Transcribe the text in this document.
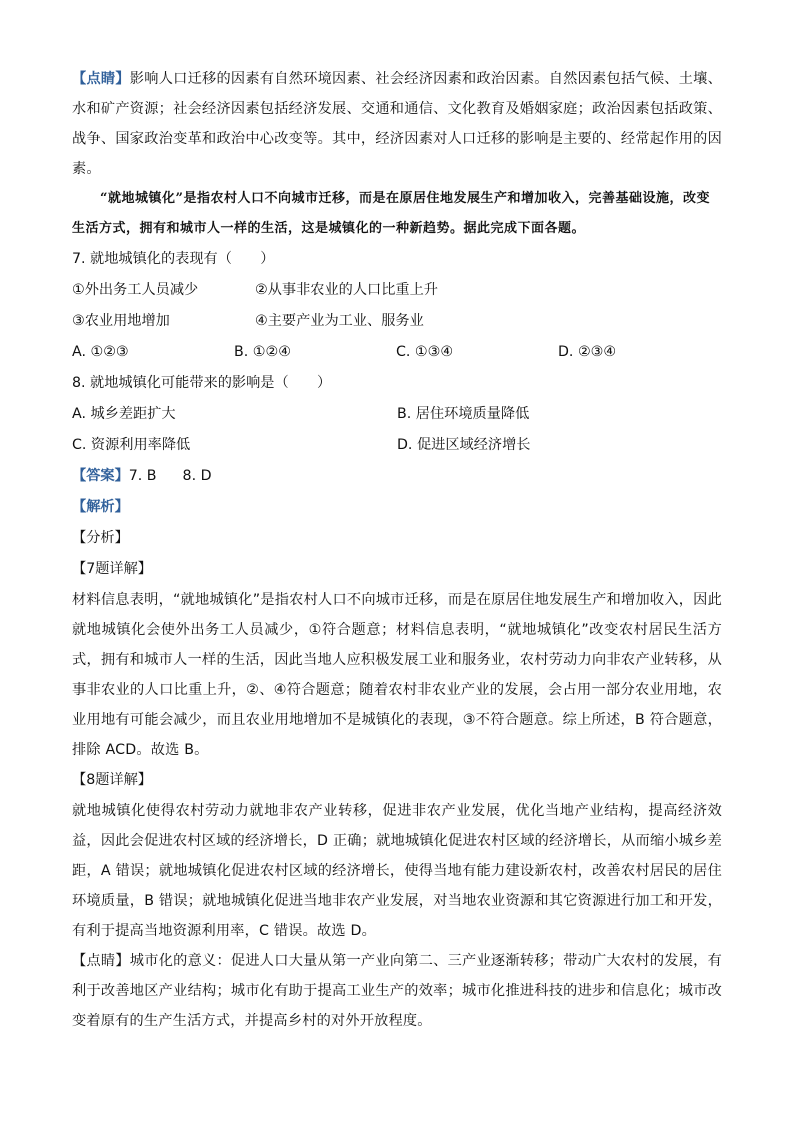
【点睛】影响人口迁移的因素有自然环境因素、社会经济因素和政治因素。自然因素包括气候、土壤、水和矿产资源；社会经济因素包括经济发展、交通和通信、文化教育及婚姻家庭；政治因素包括政策、战争、国家政治变革和政治中心改变等。其中，经济因素对人口迁移的影响是主要的、经常起作用的因素。

“就地城镇化”是指农村人口不向城市迁移，而是在原居住地发展生产和增加收入，完善基础设施，改变生活方式，拥有和城市人一样的生活，这是城镇化的一种新趋势。据此完成下面各题。

7. 就地城镇化的表现有（　　）
①外出务工人员减少	②从事非农业的人口比重上升
③农业用地增加	④主要产业为工业、服务业
A. ①②③	B. ①②④	C. ①③④	D. ②③④
8. 就地城镇化可能带来的影响是（　　）
A. 城乡差距扩大	B. 居住环境质量降低
C. 资源利用率降低	D. 促进区域经济增长
【答案】7. B 8. D
【解析】
【分析】
【7题详解】

材料信息表明，“就地城镇化”是指农村人口不向城市迁移，而是在原居住地发展生产和增加收入，因此就地城镇化会使外出务工人员减少，①符合题意；材料信息表明，“就地城镇化”改变农村居民生活方式，拥有和城市人一样的生活，因此当地人应积极发展工业和服务业，农村劳动力向非农产业转移，从事非农业的人口比重上升，②、④符合题意；随着农村非农业产业的发展，会占用一部分农业用地，农业用地有可能会减少，而且农业用地增加不是城镇化的表现，③不符合题意。综上所述，B 符合题意，排除 ACD。故选 B。

【8题详解】

就地城镇化使得农村劳动力就地非农产业转移，促进非农产业发展，优化当地产业结构，提高经济效益，因此会促进农村区域的经济增长，D 正确；就地城镇化促进农村区域的经济增长，从而缩小城乡差距，A 错误；就地城镇化促进农村区域的经济增长，使得当地有能力建设新农村，改善农村居民的居住环境质量，B 错误；就地城镇化促进当地非农产业发展，对当地农业资源和其它资源进行加工和开发，有利于提高当地资源利用率，C 错误。故选 D。

【点睛】城市化的意义：促进人口大量从第一产业向第二、三产业逐渐转移；带动广大农村的发展，有利于改善地区产业结构；城市化有助于提高工业生产的效率；城市化推进科技的进步和信息化；城市改变着原有的生产生活方式，并提高乡村的对外开放程度。
